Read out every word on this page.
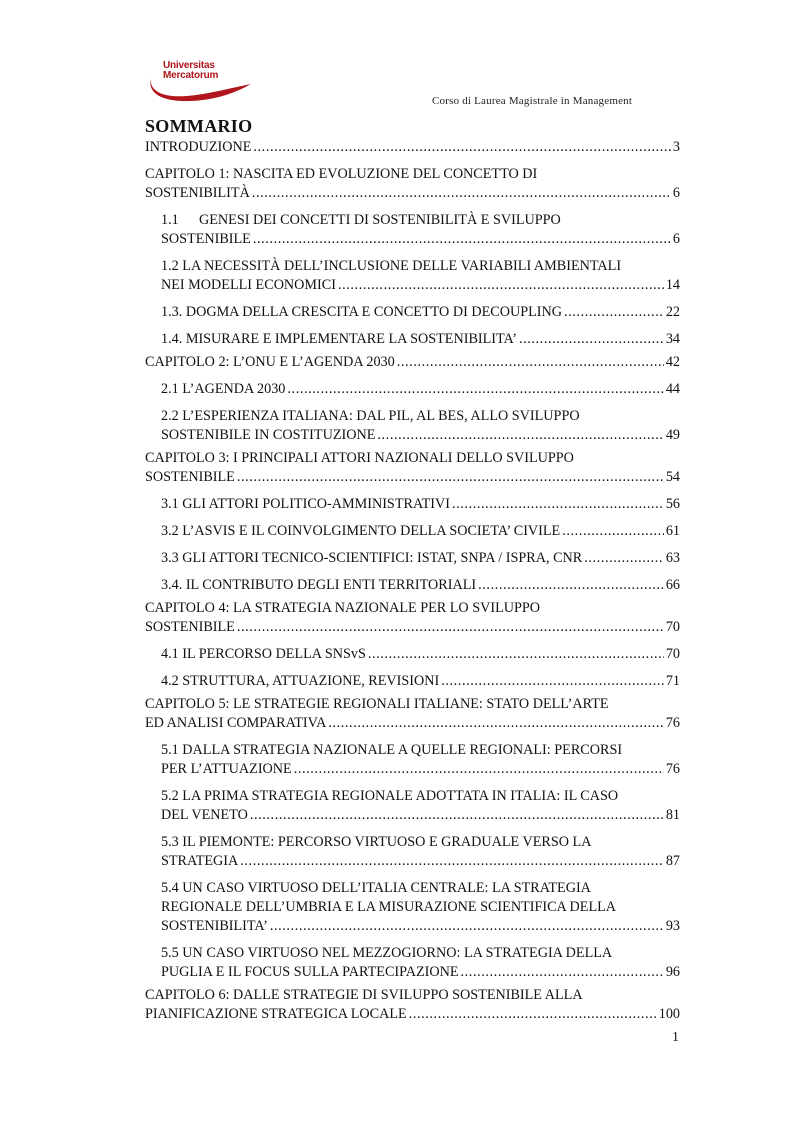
Universitas
Mercatorum
Corso di Laurea Magistrale in Management
SOMMARIO
INTRODUZIONE .....	3
CAPITOLO 1: NASCITA ED EVOLUZIONE DEL CONCETTO DI
SOSTENIBILITÀ .....	6
1.1 GENESI DEI CONCETTI DI SOSTENIBILITÀ E SVILUPPO
SOSTENIBILE .....	6
1.2 LA NECESSITÀ DELL’INCLUSIONE DELLE VARIABILI AMBIENTALI
NEI MODELLI ECONOMICI .....	14
1.3. DOGMA DELLA CRESCITA E CONCETTO DI DECOUPLING .....	22
1.4. MISURARE E IMPLEMENTARE LA SOSTENIBILITA’ .....	34
CAPITOLO 2: L’ONU E L’AGENDA 2030 .....	42
2.1 L’AGENDA 2030 .....	44
2.2 L’ESPERIENZA ITALIANA: DAL PIL, AL BES, ALLO SVILUPPO
SOSTENIBILE IN COSTITUZIONE .....	49
CAPITOLO 3: I PRINCIPALI ATTORI NAZIONALI DELLO SVILUPPO
SOSTENIBILE .....	54
3.1 GLI ATTORI POLITICO-AMMINISTRATIVI .....	56
3.2 L’ASVIS E IL COINVOLGIMENTO DELLA SOCIETA’ CIVILE .....	61
3.3 GLI ATTORI TECNICO-SCIENTIFICI: ISTAT, SNPA / ISPRA, CNR .....	63
3.4. IL CONTRIBUTO DEGLI ENTI TERRITORIALI .....	66
CAPITOLO 4: LA STRATEGIA NAZIONALE PER LO SVILUPPO
SOSTENIBILE .....	70
4.1 IL PERCORSO DELLA SNSvS .....	70
4.2 STRUTTURA, ATTUAZIONE, REVISIONI .....	71
CAPITOLO 5: LE STRATEGIE REGIONALI ITALIANE: STATO DELL’ARTE
ED ANALISI COMPARATIVA .....	76
5.1 DALLA STRATEGIA NAZIONALE A QUELLE REGIONALI: PERCORSI
PER L’ATTUAZIONE .....	76
5.2 LA PRIMA STRATEGIA REGIONALE ADOTTATA IN ITALIA: IL CASO
DEL VENETO .....	81
5.3 IL PIEMONTE: PERCORSO VIRTUOSO E GRADUALE VERSO LA
STRATEGIA .....	87
5.4 UN CASO VIRTUOSO DELL’ITALIA CENTRALE: LA STRATEGIA
REGIONALE DELL’UMBRIA E LA MISURAZIONE SCIENTIFICA DELLA
SOSTENIBILITA’ .....	93
5.5 UN CASO VIRTUOSO NEL MEZZOGIORNO: LA STRATEGIA DELLA
PUGLIA E IL FOCUS SULLA PARTECIPAZIONE .....	96
CAPITOLO 6: DALLE STRATEGIE DI SVILUPPO SOSTENIBILE ALLA
PIANIFICAZIONE STRATEGICA LOCALE .....	100
1
